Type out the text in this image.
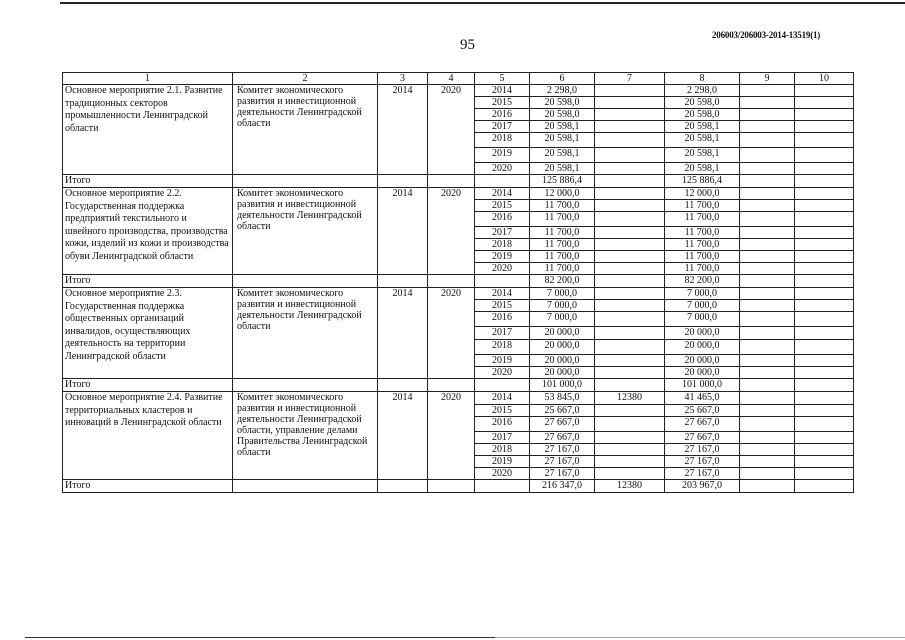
206003/206003-2014-13519(1)
95
1	2	3	4	5	6	7	8	9	10
Основное мероприятие 2.1. Развитие традиционных секторов промышленности Ленинградской области	Комитет экономического развития и инвестиционной деятельности Ленинградской области	2014	2020	2014	2 298,0		2 298,0		
				2015	20 598,0		20 598,0		
				2016	20 598,0		20 598,0		
				2017	20 598,1		20 598,1		
				2018	20 598,1		20 598,1		
				2019	20 598,1		20 598,1		
				2020	20 598,1		20 598,1		
Итого					125 886,4		125 886,4		
Основное мероприятие 2.2. Государственная поддержка предприятий текстильного и швейного производства, производства кожи, изделий из кожи и производства обуви Ленинградской области	Комитет экономического развития и инвестиционной деятельности Ленинградской области	2014	2020	2014	12 000,0		12 000,0		
				2015	11 700,0		11 700,0		
				2016	11 700,0		11 700,0		
				2017	11 700,0		11 700,0		
				2018	11 700,0		11 700,0		
				2019	11 700,0		11 700,0		
				2020	11 700,0		11 700,0		
Итого					82 200,0		82 200,0		
Основное мероприятие 2.3. Государственная поддержка общественных организаций инвалидов, осуществляющих деятельность на территории Ленинградской области	Комитет экономического развития и инвестиционной деятельности Ленинградской области	2014	2020	2014	7 000,0		7 000,0		
				2015	7 000,0		7 000,0		
				2016	7 000,0		7 000,0		
				2017	20 000,0		20 000,0		
				2018	20 000,0		20 000,0		
				2019	20 000,0		20 000,0		
				2020	20 000,0		20 000,0		
Итого					101 000,0		101 000,0		
Основное мероприятие 2.4. Развитие территориальных кластеров и инноваций в Ленинградской области	Комитет экономического развития и инвестиционной деятельности Ленинградской области, управление делами Правительства Ленинградской области	2014	2020	2014	53 845,0	12380	41 465,0		
				2015	25 667,0		25 667,0		
				2016	27 667,0		27 667,0		
				2017	27 667,0		27 667,0		
				2018	27 167,0		27 167,0		
				2019	27 167,0		27 167,0		
				2020	27 167,0		27 167,0		
Итого					216 347,0	12380	203 967,0		
